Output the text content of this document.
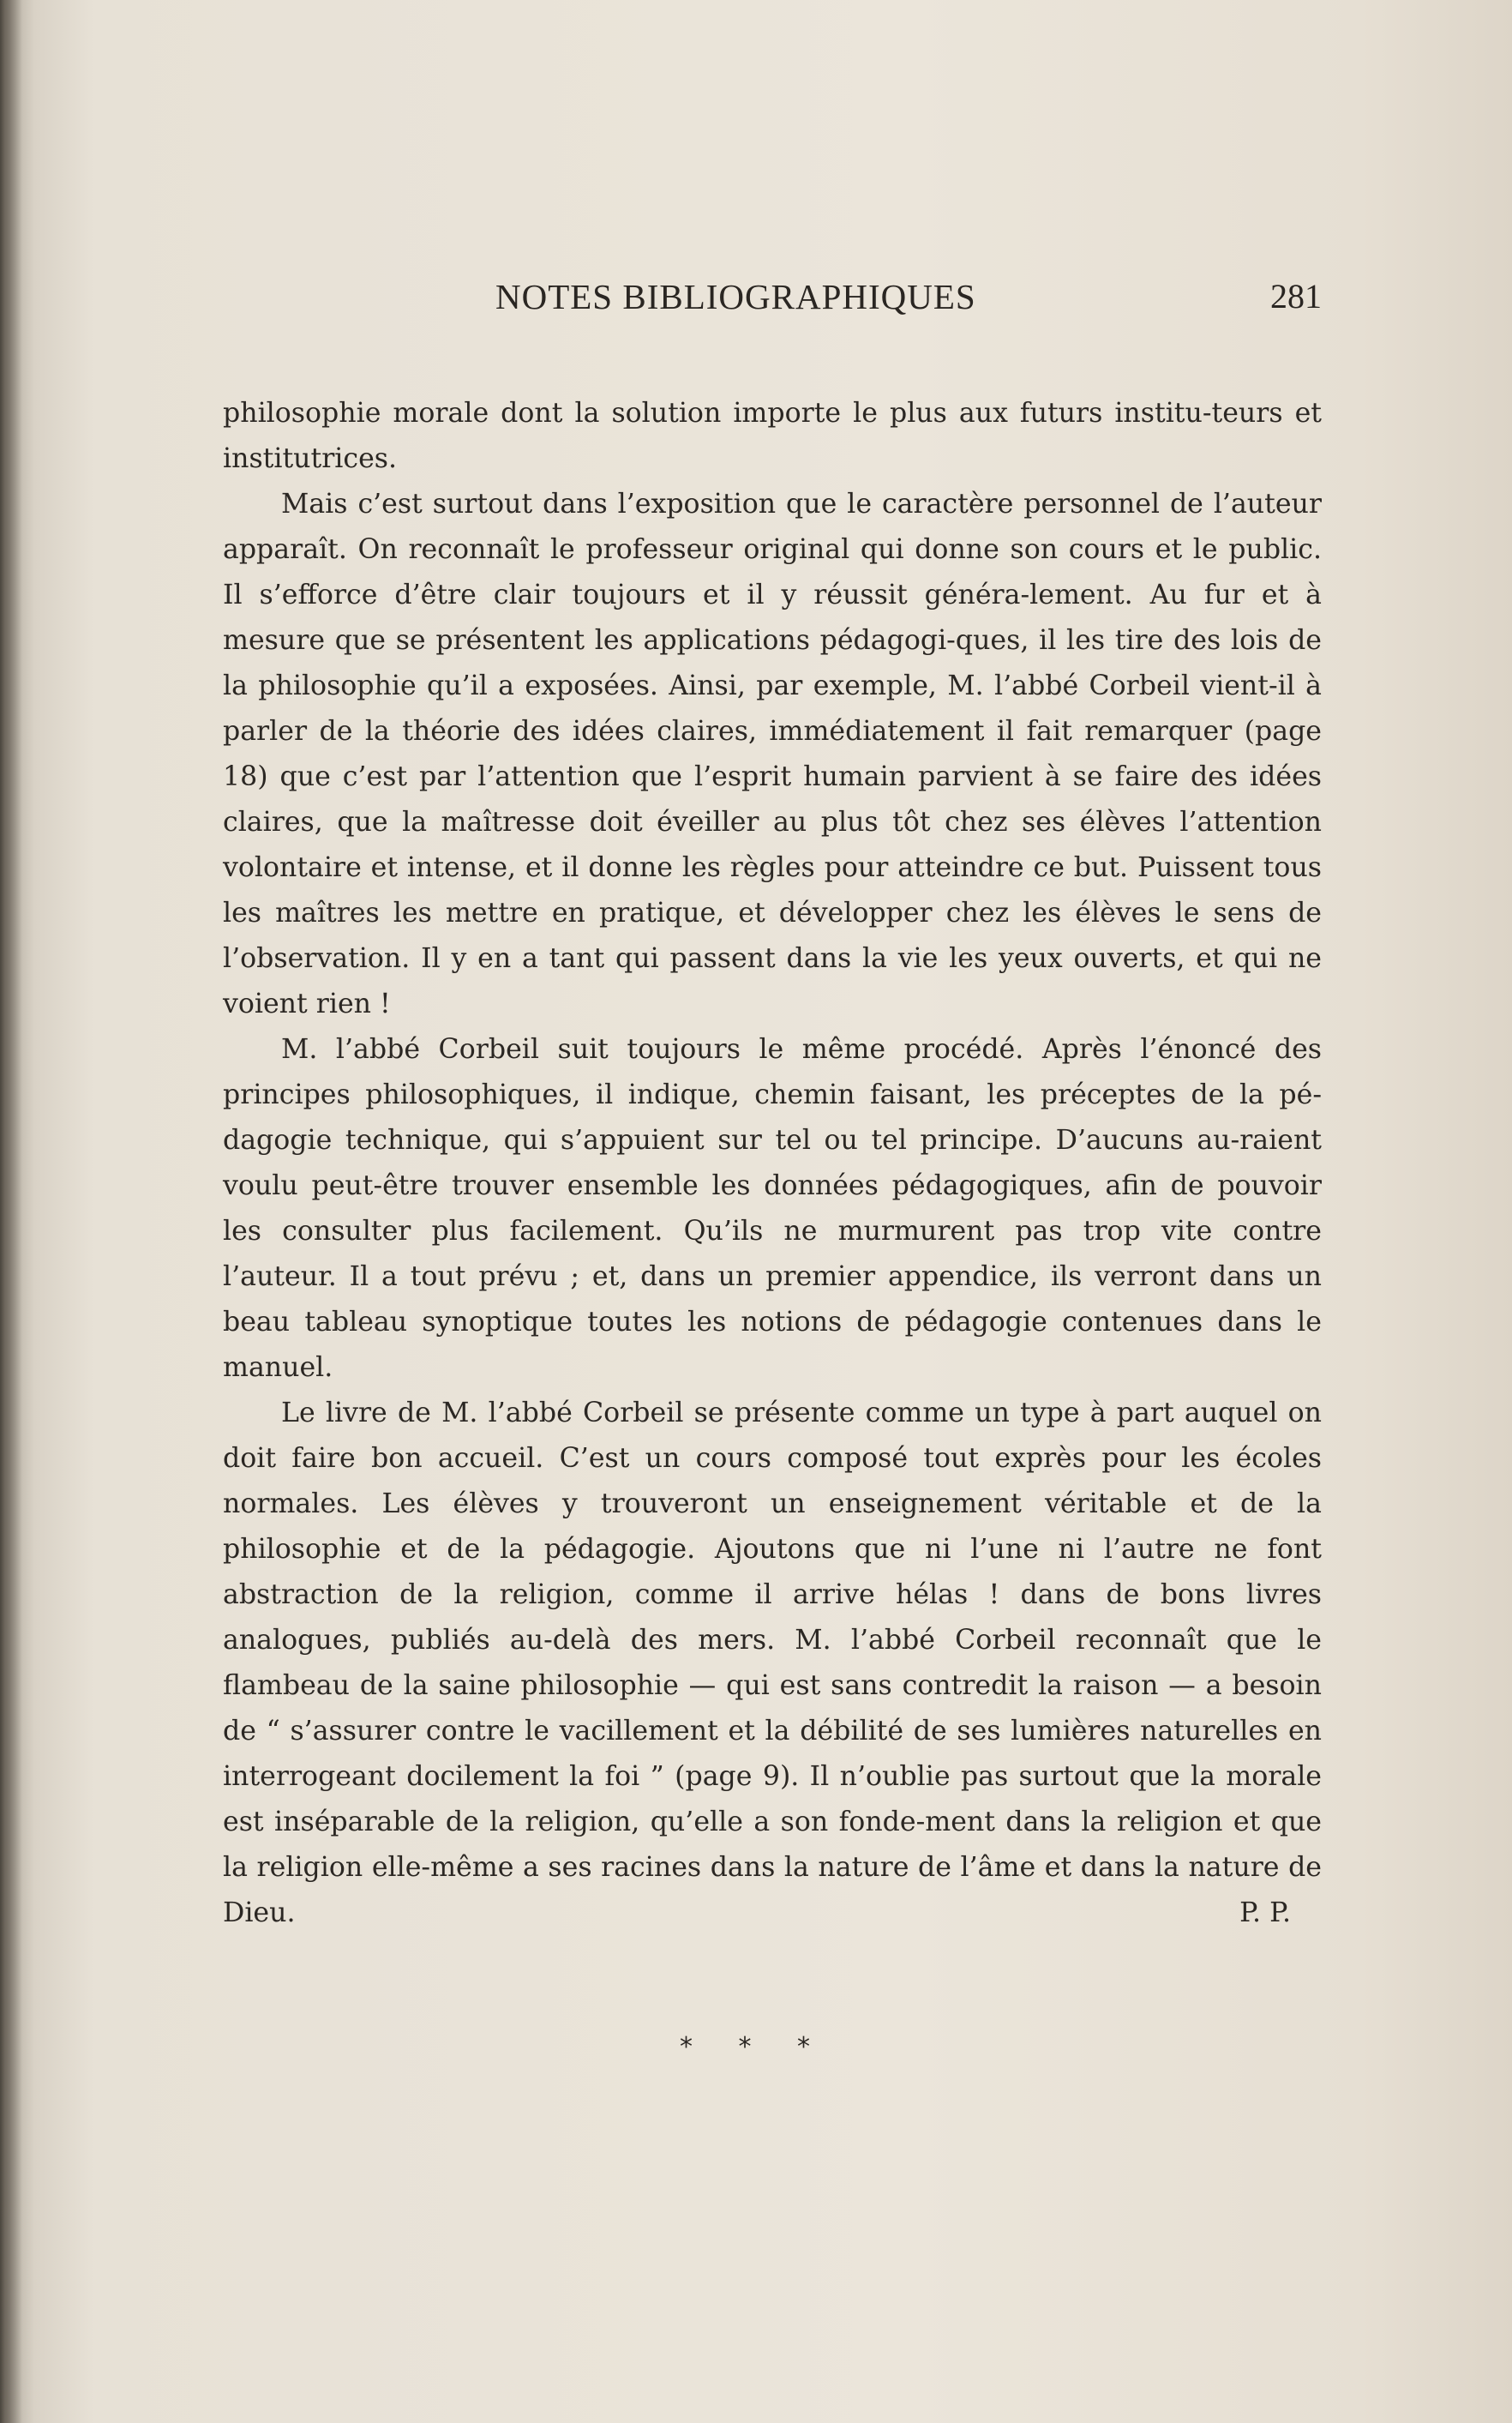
NOTES BIBLIOGRAPHIQUES	281

philosophie morale dont la solution importe le plus aux futurs institu-teurs et institutrices.

Mais c’est surtout dans l’exposition que le caractère personnel de l’auteur apparaît. On reconnaît le professeur original qui donne son cours et le public. Il s’efforce d’être clair toujours et il y réussit généra-lement. Au fur et à mesure que se présentent les applications pédagogi-ques, il les tire des lois de la philosophie qu’il a exposées. Ainsi, par exemple, M. l’abbé Corbeil vient-il à parler de la théorie des idées claires, immédiatement il fait remarquer (page 18) que c’est par l’attention que l’esprit humain parvient à se faire des idées claires, que la maîtresse doit éveiller au plus tôt chez ses élèves l’attention volontaire et intense, et il donne les règles pour atteindre ce but. Puissent tous les maîtres les mettre en pratique, et développer chez les élèves le sens de l’observation. Il y en a tant qui passent dans la vie les yeux ouverts, et qui ne voient rien !

M. l’abbé Corbeil suit toujours le même procédé. Après l’énoncé des principes philosophiques, il indique, chemin faisant, les préceptes de la pé-dagogie technique, qui s’appuient sur tel ou tel principe. D’aucuns au-raient voulu peut-être trouver ensemble les données pédagogiques, afin de pouvoir les consulter plus facilement. Qu’ils ne murmurent pas trop vite contre l’auteur. Il a tout prévu ; et, dans un premier appendice, ils verront dans un beau tableau synoptique toutes les notions de pédagogie contenues dans le manuel.

Le livre de M. l’abbé Corbeil se présente comme un type à part auquel on doit faire bon accueil. C’est un cours composé tout exprès pour les écoles normales. Les élèves y trouveront un enseignement véritable et de la philosophie et de la pédagogie. Ajoutons que ni l’une ni l’autre ne font abstraction de la religion, comme il arrive hélas ! dans de bons livres analogues, publiés au-delà des mers. M. l’abbé Corbeil reconnaît que le flambeau de la saine philosophie — qui est sans contredit la raison — a besoin de “ s’assurer contre le vacillement et la débilité de ses lumières naturelles en interrogeant docilement la foi ” (page 9). Il n’oublie pas surtout que la morale est inséparable de la religion, qu’elle a son fonde-ment dans la religion et que la religion elle-même a ses racines dans la nature de l’âme et dans la nature de Dieu.	P. P.

* * *
